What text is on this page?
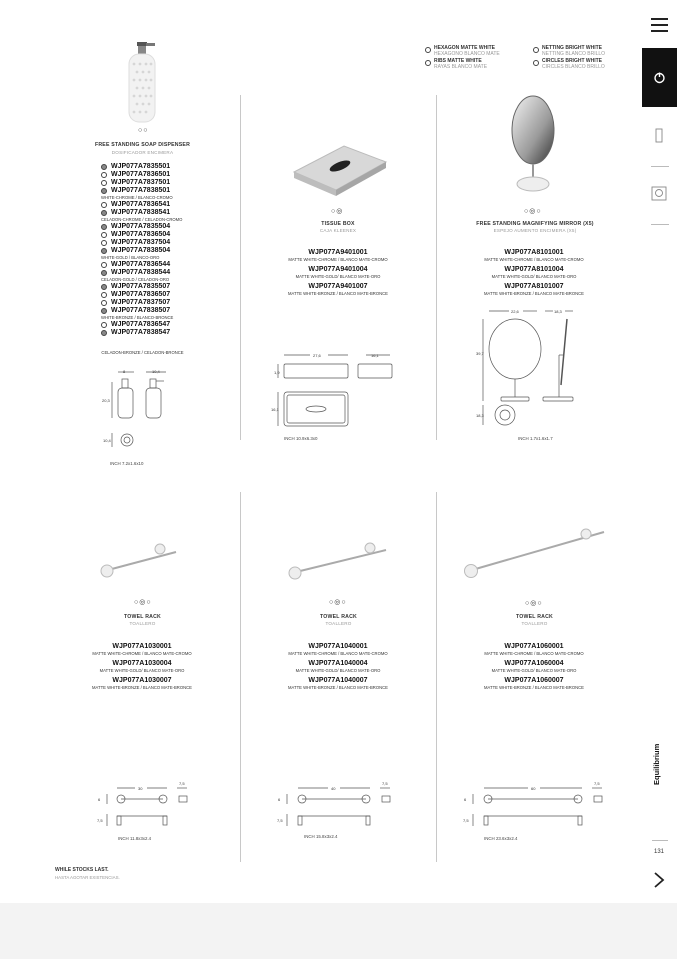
HEXAGON MATTE WHITE
HEXAGONO BLANCO MATE
RIBS MATTE WHITE
RAYAS BLANCO MATE
NETTING BRIGHT WHITE
NETTING BLANCO BRILLO
CIRCLES BRIGHT WHITE
CIRCLES BLANCO BRILLO
○○
FREE STANDING SOAP DISPENSER
DOSIFICADOR ENCIMERA
WJP077A7835501
WJP077A7836501
WJP077A7837501
WJP077A7838501
WHITE-CHROME / BLANCO-CROMO
WJP077A7836541
WJP077A7838541
CELADON-CHROME / CELADON-CROMO
WJP077A7835504
WJP077A7836504
WJP077A7837504
WJP077A7838504
WHITE-GOLD / BLANCO-ORO
WJP077A7836544
WJP077A7838544
CELADON-GOLD / CELADON-ORO
WJP077A7835507
WJP077A7836507
WJP077A7837507
WJP077A7838507
WHITE-BRONZE / BLANCO-BRONCE
WJP077A7836547
WJP077A7838547
CELADON-BRONZE / CELADON-BRONCE
8	10,4
20,3
10,4
INCH 7.2x1.6x10
○◎
TISSUE BOX
CAJA KLEENEX
WJP077A9401001
MATTE WHITE-CHROME / BLANCO MATE-CROMO
WJP077A9401004
MATTE WHITE-GOLD/ BLANCO MATE-ORO
WJP077A9401007
MATTE WHITE-BRONZE / BLANCO MATE-BRONCE
27,6	16,1
1,9
16,1
INCH 10.9x6.3x0
○◎○
FREE STANDING MAGNIFYING MIRROR (X5)
ESPEJO AUMENTO ENCIMERA (X5)
WJP077A8101001
MATTE WHITE-CHROME / BLANCO MATE-CROMO
WJP077A8101004
MATTE WHITE-GOLD/ BLANCO MATE-ORO
WJP077A8101007
MATTE WHITE-BRONZE / BLANCO MATE-BRONCE
22,6	18,3
39,7
18,3
INCH 1.7x1.6x1.7
○◎○
TOWEL RACK
TOALLERO
WJP077A1030001
MATTE WHITE-CHROME / BLANCO MATE-CROMO
WJP077A1030004
MATTE WHITE-GOLD/ BLANCO MATE-ORO
WJP077A1030007
MATTE WHITE-BRONZE / BLANCO MATE-BRONCE
30
7,5
6
7,5
INCH 11.8x3x2.4
○◎○
TOWEL RACK
TOALLERO
WJP077A1040001
MATTE WHITE-CHROME / BLANCO MATE-CROMO
WJP077A1040004
MATTE WHITE-GOLD/ BLANCO MATE-ORO
WJP077A1040007
MATTE WHITE-BRONZE / BLANCO MATE-BRONCE
40
7,5
6
7,5
INCH 15.8x3x2.4
○◎○
TOWEL RACK
TOALLERO
WJP077A1060001
MATTE WHITE-CHROME / BLANCO MATE-CROMO
WJP077A1060004
MATTE WHITE-GOLD/ BLANCO MATE-ORO
WJP077A1060007
MATTE WHITE-BRONZE / BLANCO MATE-BRONCE
60
7,5
6
7,5
INCH 23.6x3x2.4
WHILE STOCKS LAST.
HASTA AGOTAR EXISTENCIAS.
Equilibrium
131
